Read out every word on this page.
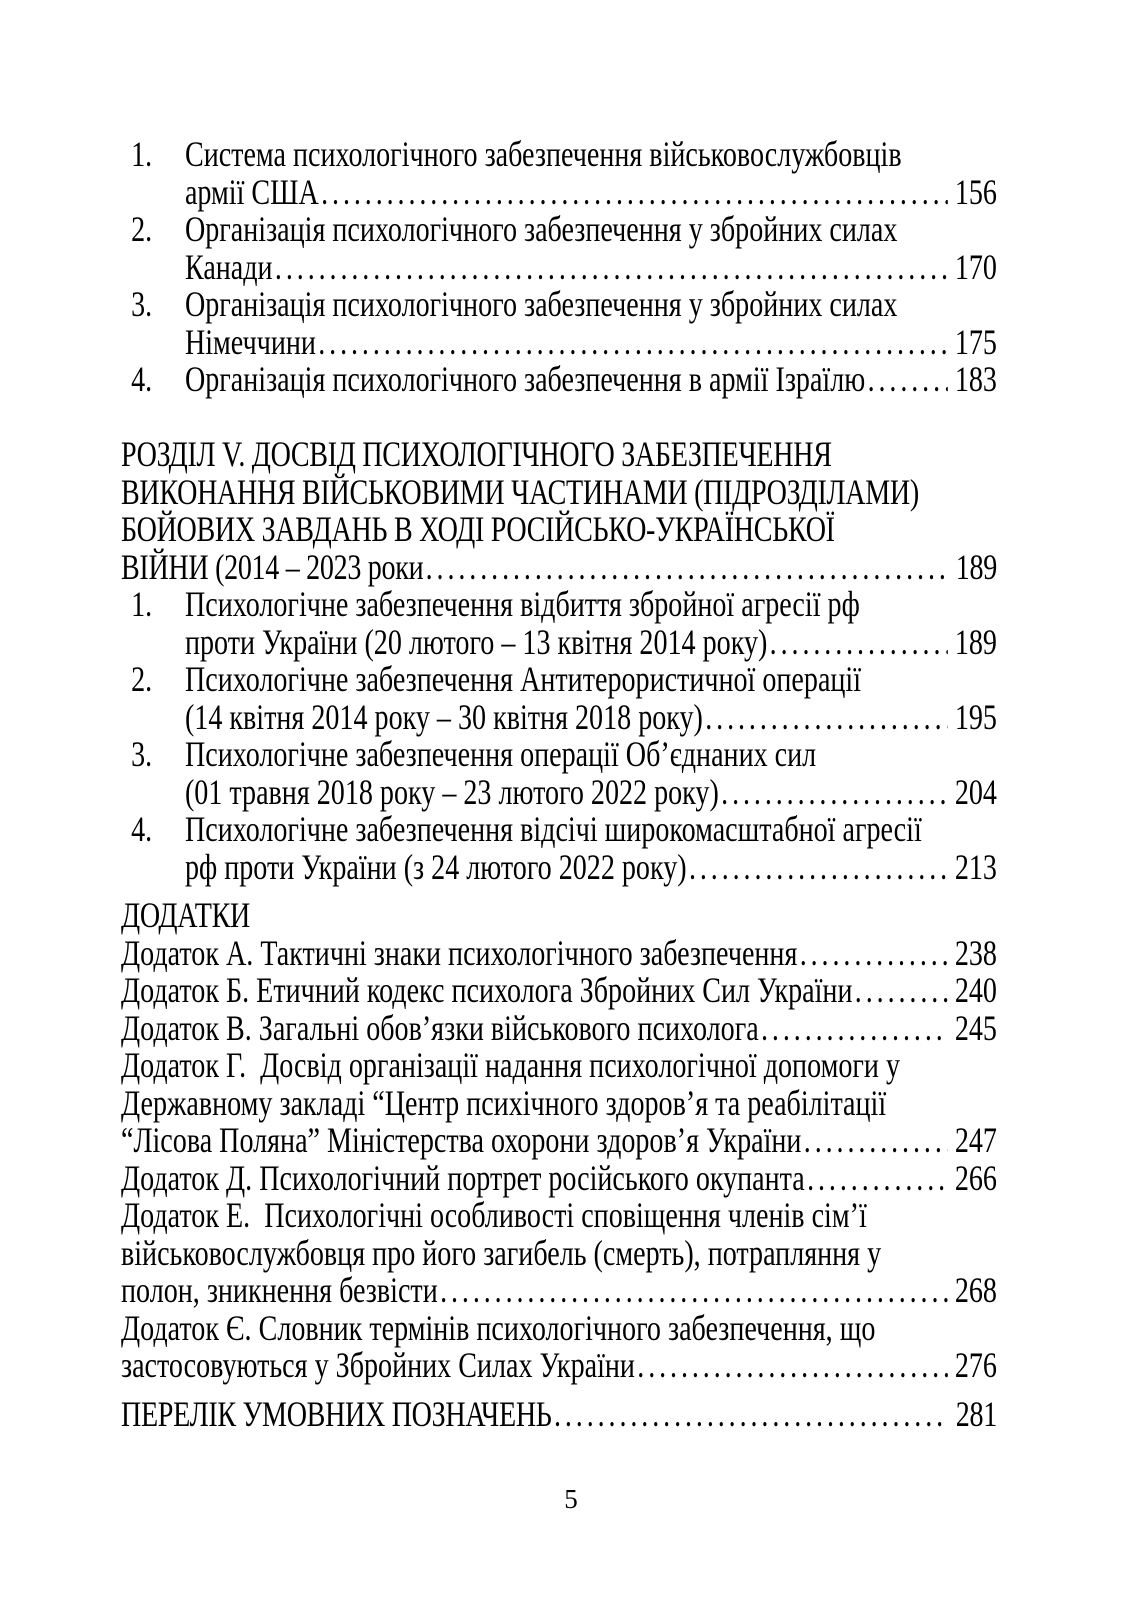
1. Система психологічного забезпечення військовослужбовців
армії США .....	156
2. Організація психологічного забезпечення у збройних силах
Канади .....	170
3. Організація психологічного забезпечення у збройних силах
Німеччини .....	175
4. Організація психологічного забезпечення в армії Ізраїлю ..... 183
РОЗДІЛ V. ДОСВІД ПСИХОЛОГІЧНОГО ЗАБЕЗПЕЧЕННЯ
ВИКОНАННЯ ВІЙСЬКОВИМИ ЧАСТИНАМИ (ПІДРОЗДІЛАМИ)
БОЙОВИХ ЗАВДАНЬ В ХОДІ РОСІЙСЬКО-УКРАЇНСЬКОЇ
ВІЙНИ (2014 – 2023 роки .....	189
1. Психологічне забезпечення відбиття збройної агресії рф
проти України (20 лютого – 13 квітня 2014 року) .....	189
2. Психологічне забезпечення Антитерористичної операції
(14 квітня 2014 року – 30 квітня 2018 року) .....	195
3. Психологічне забезпечення операції Об’єднаних сил
(01 травня 2018 року – 23 лютого 2022 року) .....	204
4. Психологічне забезпечення відсічі широкомасштабної агресії
рф проти України (з 24 лютого 2022 року) .....	213
ДОДАТКИ
Додаток А. Тактичні знаки психологічного забезпечення .....	238
Додаток Б. Етичний кодекс психолога Збройних Сил України .....	240
Додаток В. Загальні обов’язки військового психолога .....	245
Додаток Г.  Досвід організації надання психологічної допомоги у
Державному закладі “Центр психічного здоров’я та реабілітації
“Лісова Поляна” Міністерства охорони здоров’я України .....	247
Додаток Д. Психологічний портрет російського окупанта .....	266
Додаток Е.  Психологічні особливості сповіщення членів сім’ї
військовослужбовця про його загибель (смерть), потрапляння у
полон, зникнення безвісти .....	268
Додаток Є. Словник термінів психологічного забезпечення, що
застосовуються у Збройних Силах України .....	276
ПЕРЕЛІК УМОВНИХ ПОЗНАЧЕНЬ .....	281
5
